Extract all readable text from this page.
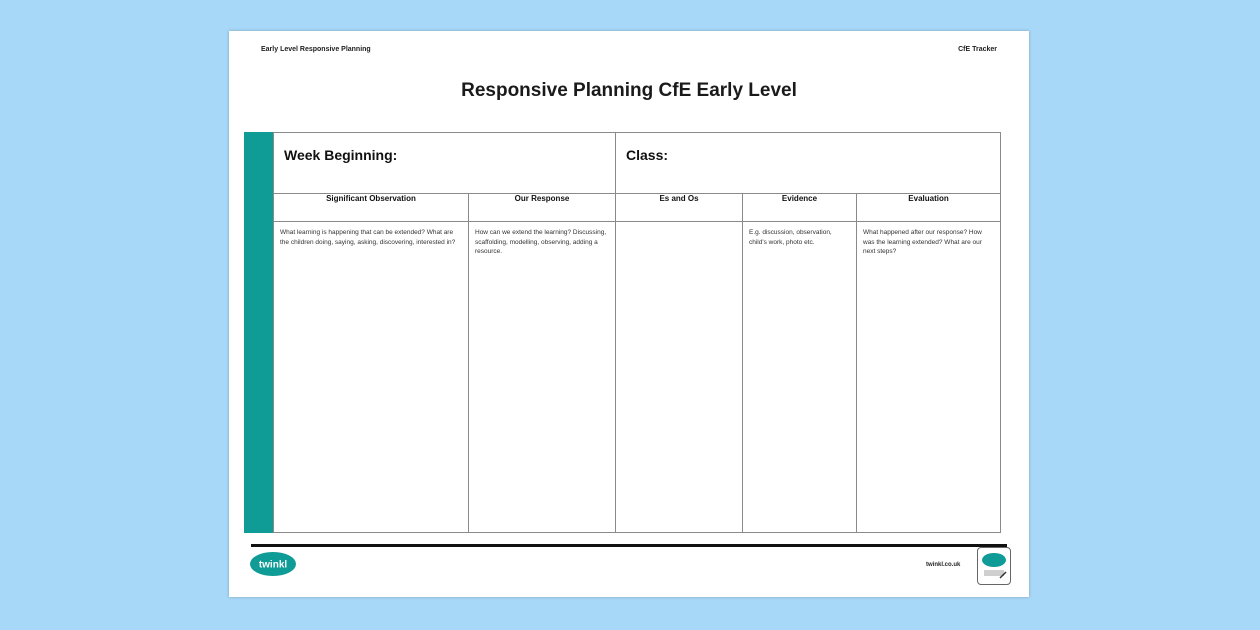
Early Level Responsive Planning	CfE Tracker
Responsive Planning CfE Early Level
Week Beginning:		Class:		
Significant Observation	Our Response	Es and Os	Evidence	Evaluation

What learning is happening that can be extended? What are the children doing, saying, asking, discovering, interested in?	How can we extend the learning? Discussing, scaffolding, modelling, observing, adding a resource.		E.g. discussion, observation, child's work, photo etc.	What happened after our response? How was the learning extended? What are our next steps?
twinkl	twinkl.co.uk
